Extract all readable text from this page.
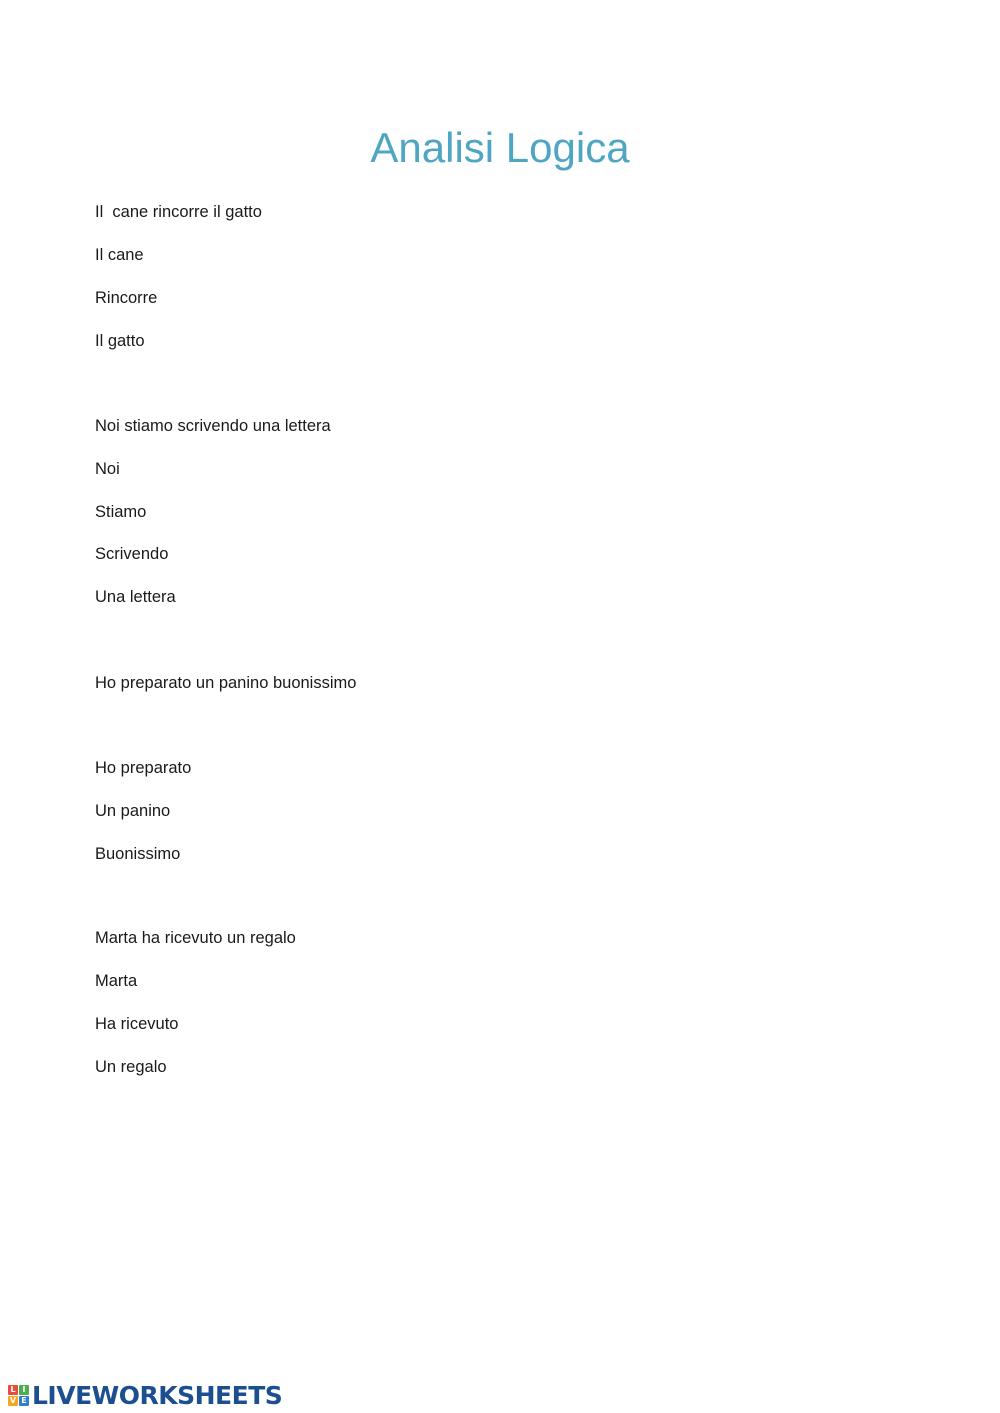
Analisi Logica
Il  cane rincorre il gatto
Il cane
Rincorre
Il gatto
Noi stiamo scrivendo una lettera
Noi
Stiamo
Scrivendo
Una lettera
Ho preparato un panino buonissimo
Ho preparato
Un panino
Buonissimo
Marta ha ricevuto un regalo
Marta
Ha ricevuto
Un regalo
L I
V E LIVEWORKSHEETS
